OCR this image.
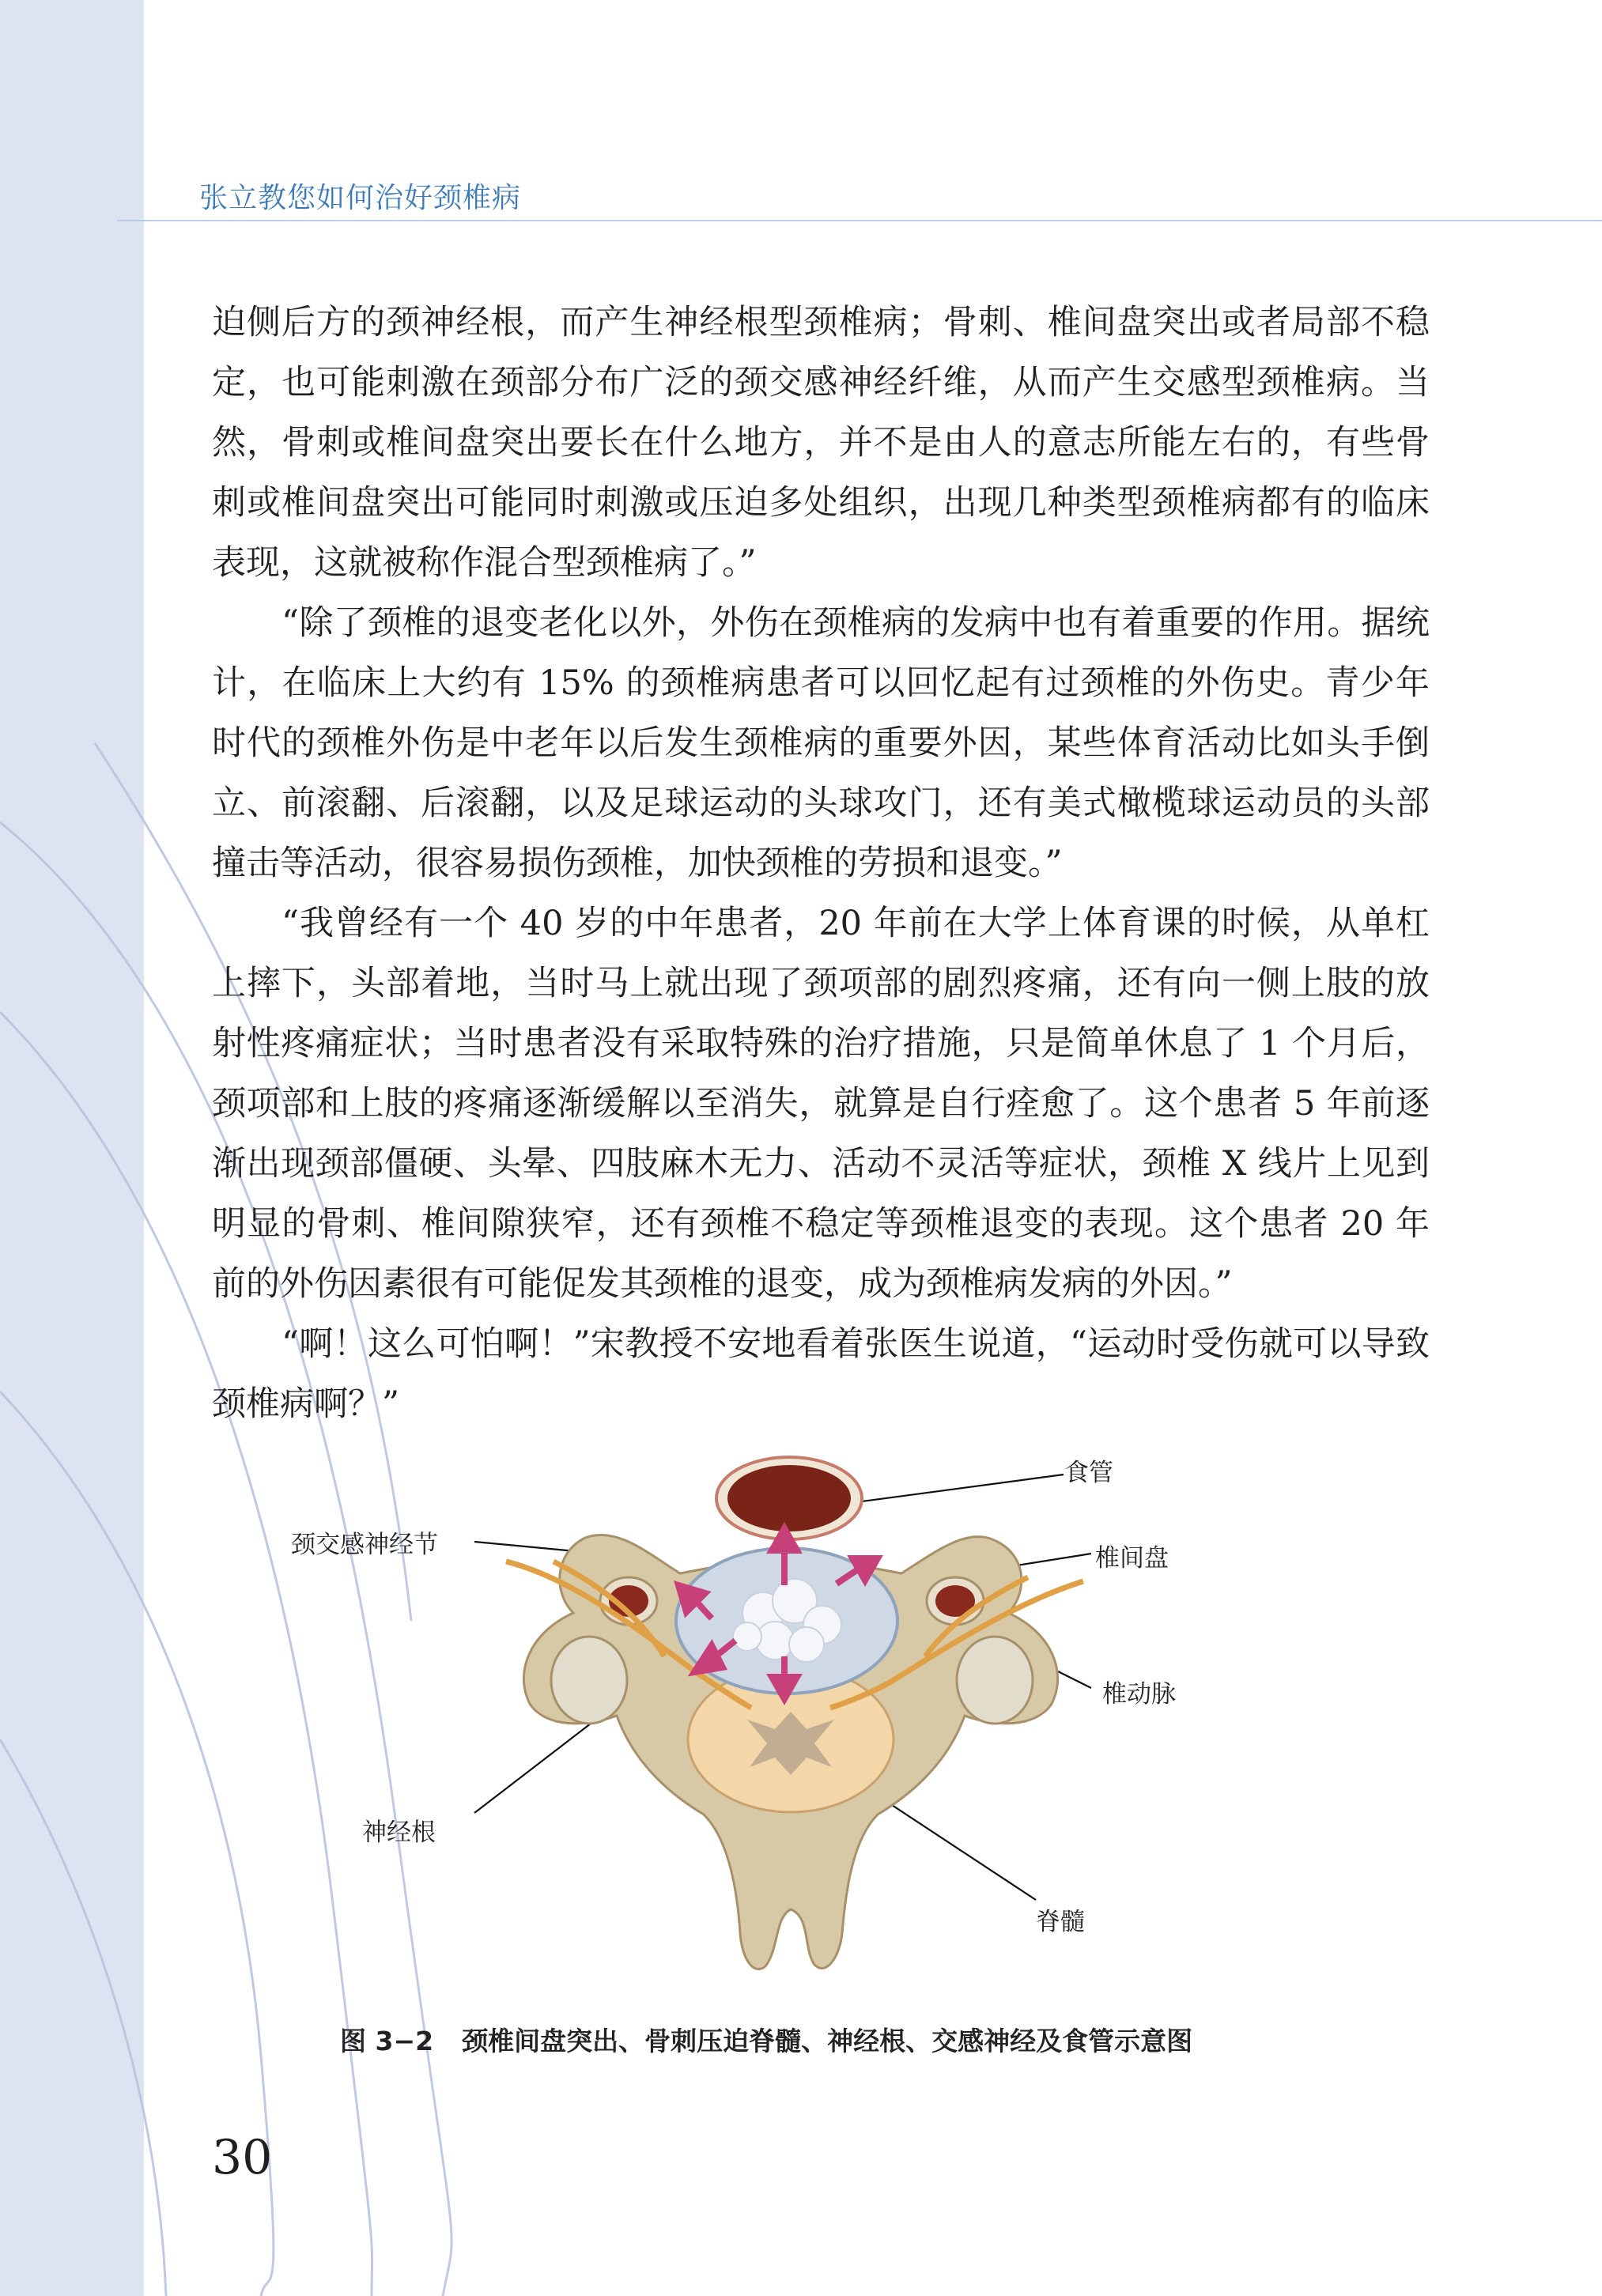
张立教您如何治好颈椎病

迫侧后方的颈神经根，而产生神经根型颈椎病；骨刺、椎间盘突出或者局部不稳定，也可能刺激在颈部分布广泛的颈交感神经纤维，从而产生交感型颈椎病。当然，骨刺或椎间盘突出要长在什么地方，并不是由人的意志所能左右的，有些骨刺或椎间盘突出可能同时刺激或压迫多处组织，出现几种类型颈椎病都有的临床表现，这就被称作混合型颈椎病了。”

“除了颈椎的退变老化以外，外伤在颈椎病的发病中也有着重要的作用。据统计，在临床上大约有 15% 的颈椎病患者可以回忆起有过颈椎的外伤史。青少年时代的颈椎外伤是中老年以后发生颈椎病的重要外因，某些体育活动比如头手倒立、前滚翻、后滚翻，以及足球运动的头球攻门，还有美式橄榄球运动员的头部撞击等活动，很容易损伤颈椎，加快颈椎的劳损和退变。”

“我曾经有一个 40 岁的中年患者，20 年前在大学上体育课的时候，从单杠上摔下，头部着地，当时马上就出现了颈项部的剧烈疼痛，还有向一侧上肢的放射性疼痛症状；当时患者没有采取特殊的治疗措施，只是简单休息了 1 个月后，颈项部和上肢的疼痛逐渐缓解以至消失，就算是自行痊愈了。这个患者 5 年前逐渐出现颈部僵硬、头晕、四肢麻木无力、活动不灵活等症状，颈椎 X 线片上见到明显的骨刺、椎间隙狭窄，还有颈椎不稳定等颈椎退变的表现。这个患者 20 年前的外伤因素很有可能促发其颈椎的退变，成为颈椎病发病的外因。”

“啊！这么可怕啊！”宋教授不安地看着张医生说道，“运动时受伤就可以导致颈椎病啊？”

食管
颈交感神经节	椎间盘
椎动脉
神经根
脊髓
图 3−2 颈椎间盘突出、骨刺压迫脊髓、神经根、交感神经及食管示意图
30
